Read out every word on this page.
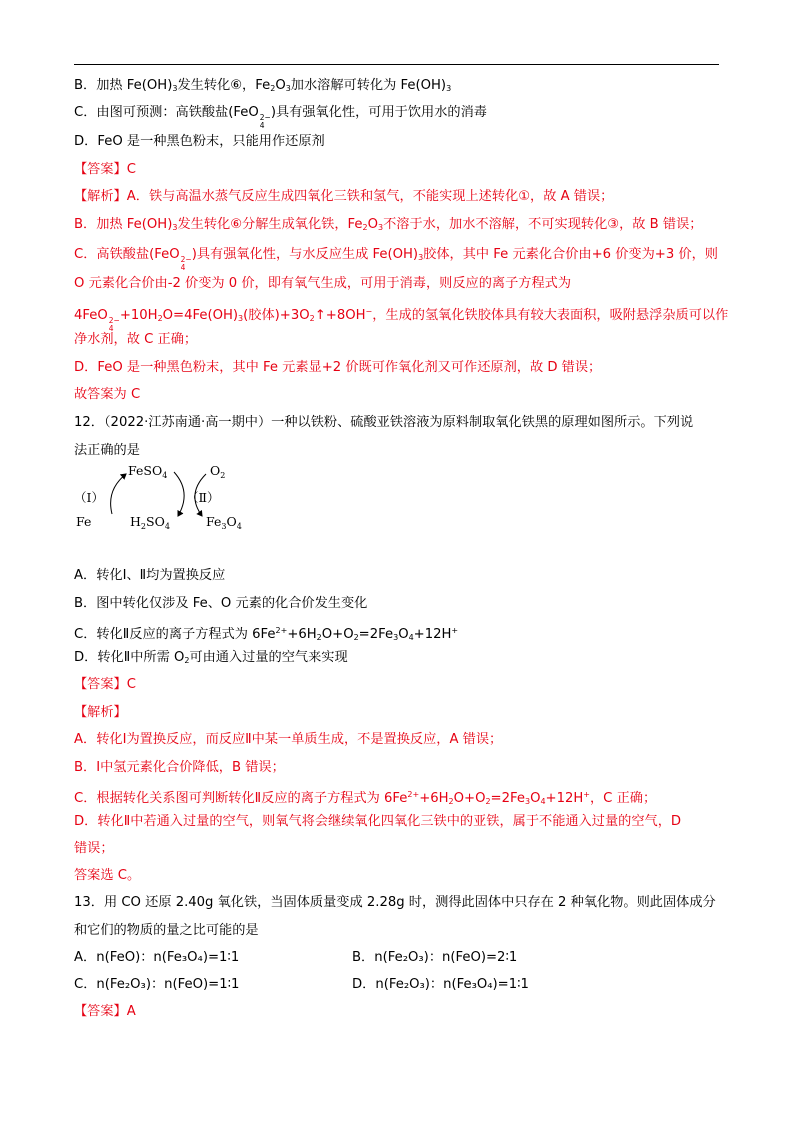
B．加热 $Fe(OH)_3$发生转化⑥，$Fe_2O_3$加水溶解可转化为 $Fe(OH)_3$
C．由图可预测：高铁酸盐(FeO 2−
4
)具有强氧化性，可用于饮用水的消毒
D．FeO 是一种黑色粉末，只能用作还原剂
【答案】C
【解析】A．铁与高温水蒸气反应生成四氧化三铁和氢气，不能实现上述转化①，故 A 错误；
B．加热 $Fe(OH)_3$发生转化⑥分解生成氧化铁，$Fe_2O_3$不溶于水，加水不溶解，不可实现转化③，故 B 错误；
C．高铁酸盐(FeO 2−
4
)具有强氧化性，与水反应生成 $Fe(OH)_3$胶体，其中 Fe 元素化合价由+6 价变为+3 价，则
O 元素化合价由-2 价变为 0 价，即有氧气生成，可用于消毒，则反应的离子方程式为
4FeO 2−
4
$+10H_2O=4Fe(OH)_3$(胶体)$+3O_2↑+8OH^-$，生成的氢氧化铁胶体具有较大表面积，吸附悬浮杂质可以作
净水剂，故 C 正确；
D．FeO 是一种黑色粉末，其中 Fe 元素显+2 价既可作氧化剂又可作还原剂，故 D 错误；
故答案为 C
12．（2022·江苏南通·高一期中）一种以铁粉、硫酸亚铁溶液为原料制取氧化铁黑的原理如图所示。下列说
法正确的是
FeSO$_4$	$O_2$
（Ⅰ）	（Ⅱ）
Fe	$H_2SO_4$	$Fe_3O_4$
A．转化Ⅰ、Ⅱ均为置换反应
B．图中转化仅涉及 Fe、O 元素的化合价发生变化
C．转化Ⅱ反应的离子方程式为 $6Fe^{2+}+6H_2O+O_2=2Fe_3O_4+12H^+$
D．转化Ⅱ中所需 $O_2$可由通入过量的空气来实现
【答案】C
【解析】
A．转化Ⅰ为置换反应，而反应Ⅱ中某一单质生成，不是置换反应，A 错误；
B．Ⅰ中氢元素化合价降低，B 错误；
C．根据转化关系图可判断转化Ⅱ反应的离子方程式为 $6Fe^{2+}+6H_2O+O_2=2Fe_3O_4+12H^+$，C 正确；
D．转化Ⅱ中若通入过量的空气，则氧气将会继续氧化四氧化三铁中的亚铁，属于不能通入过量的空气，D
错误；
答案选 C。
13．用 CO 还原 2.40g 氧化铁，当固体质量变成 2.28g 时，测得此固体中只存在 2 种氧化物。则此固体成分
和它们的物质的量之比可能的是
A．n(FeO)：n(Fe₃O₄)=1∶1	B．n(Fe₂O₃)：n(FeO)=2∶1
C．n(Fe₂O₃)：n(FeO)=1∶1	D．n(Fe₂O₃)：n(Fe₃O₄)=1∶1
【答案】A
